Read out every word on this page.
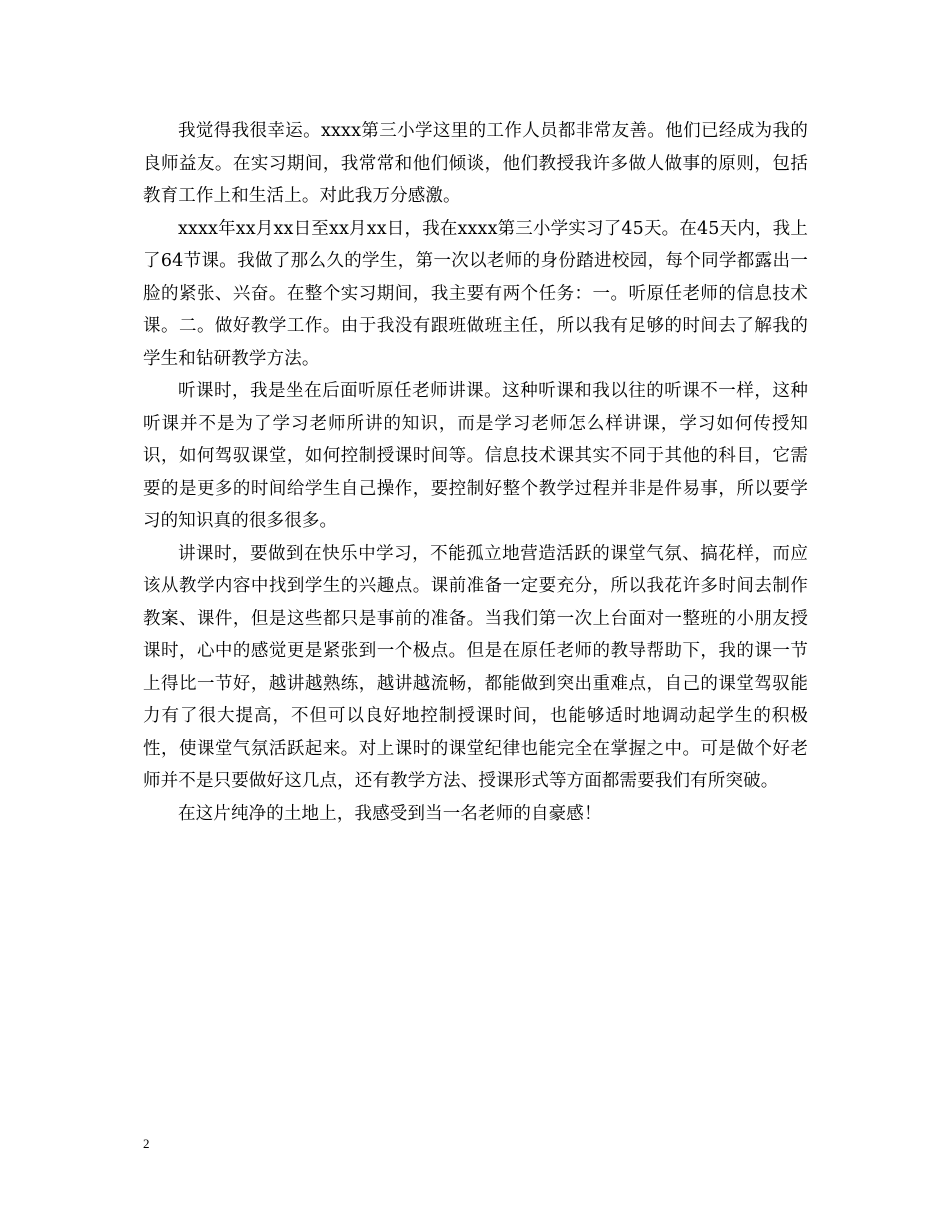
我觉得我很幸运。xxxx第三小学这里的工作人员都非常友善。他们已经成为我的良师益友。在实习期间，我常常和他们倾谈，他们教授我许多做人做事的原则，包括教育工作上和生活上。对此我万分感激。

xxxx年xx月xx日至xx月xx日，我在xxxx第三小学实习了45天。在45天内，我上了64节课。我做了那么久的学生，第一次以老师的身份踏进校园，每个同学都露出一脸的紧张、兴奋。在整个实习期间，我主要有两个任务：一。听原任老师的信息技术课。二。做好教学工作。由于我没有跟班做班主任，所以我有足够的时间去了解我的学生和钻研教学方法。

听课时，我是坐在后面听原任老师讲课。这种听课和我以往的听课不一样，这种听课并不是为了学习老师所讲的知识，而是学习老师怎么样讲课，学习如何传授知识，如何驾驭课堂，如何控制授课时间等。信息技术课其实不同于其他的科目，它需要的是更多的时间给学生自己操作，要控制好整个教学过程并非是件易事，所以要学习的知识真的很多很多。

讲课时，要做到在快乐中学习，不能孤立地营造活跃的课堂气氛、搞花样，而应该从教学内容中找到学生的兴趣点。课前准备一定要充分，所以我花许多时间去制作教案、课件，但是这些都只是事前的准备。当我们第一次上台面对一整班的小朋友授课时，心中的感觉更是紧张到一个极点。但是在原任老师的教导帮助下，我的课一节上得比一节好，越讲越熟练，越讲越流畅，都能做到突出重难点，自己的课堂驾驭能力有了很大提高，不但可以良好地控制授课时间，也能够适时地调动起学生的积极性，使课堂气氛活跃起来。对上课时的课堂纪律也能完全在掌握之中。可是做个好老师并不是只要做好这几点，还有教学方法、授课形式等方面都需要我们有所突破。

在这片纯净的土地上，我感受到当一名老师的自豪感！

2
